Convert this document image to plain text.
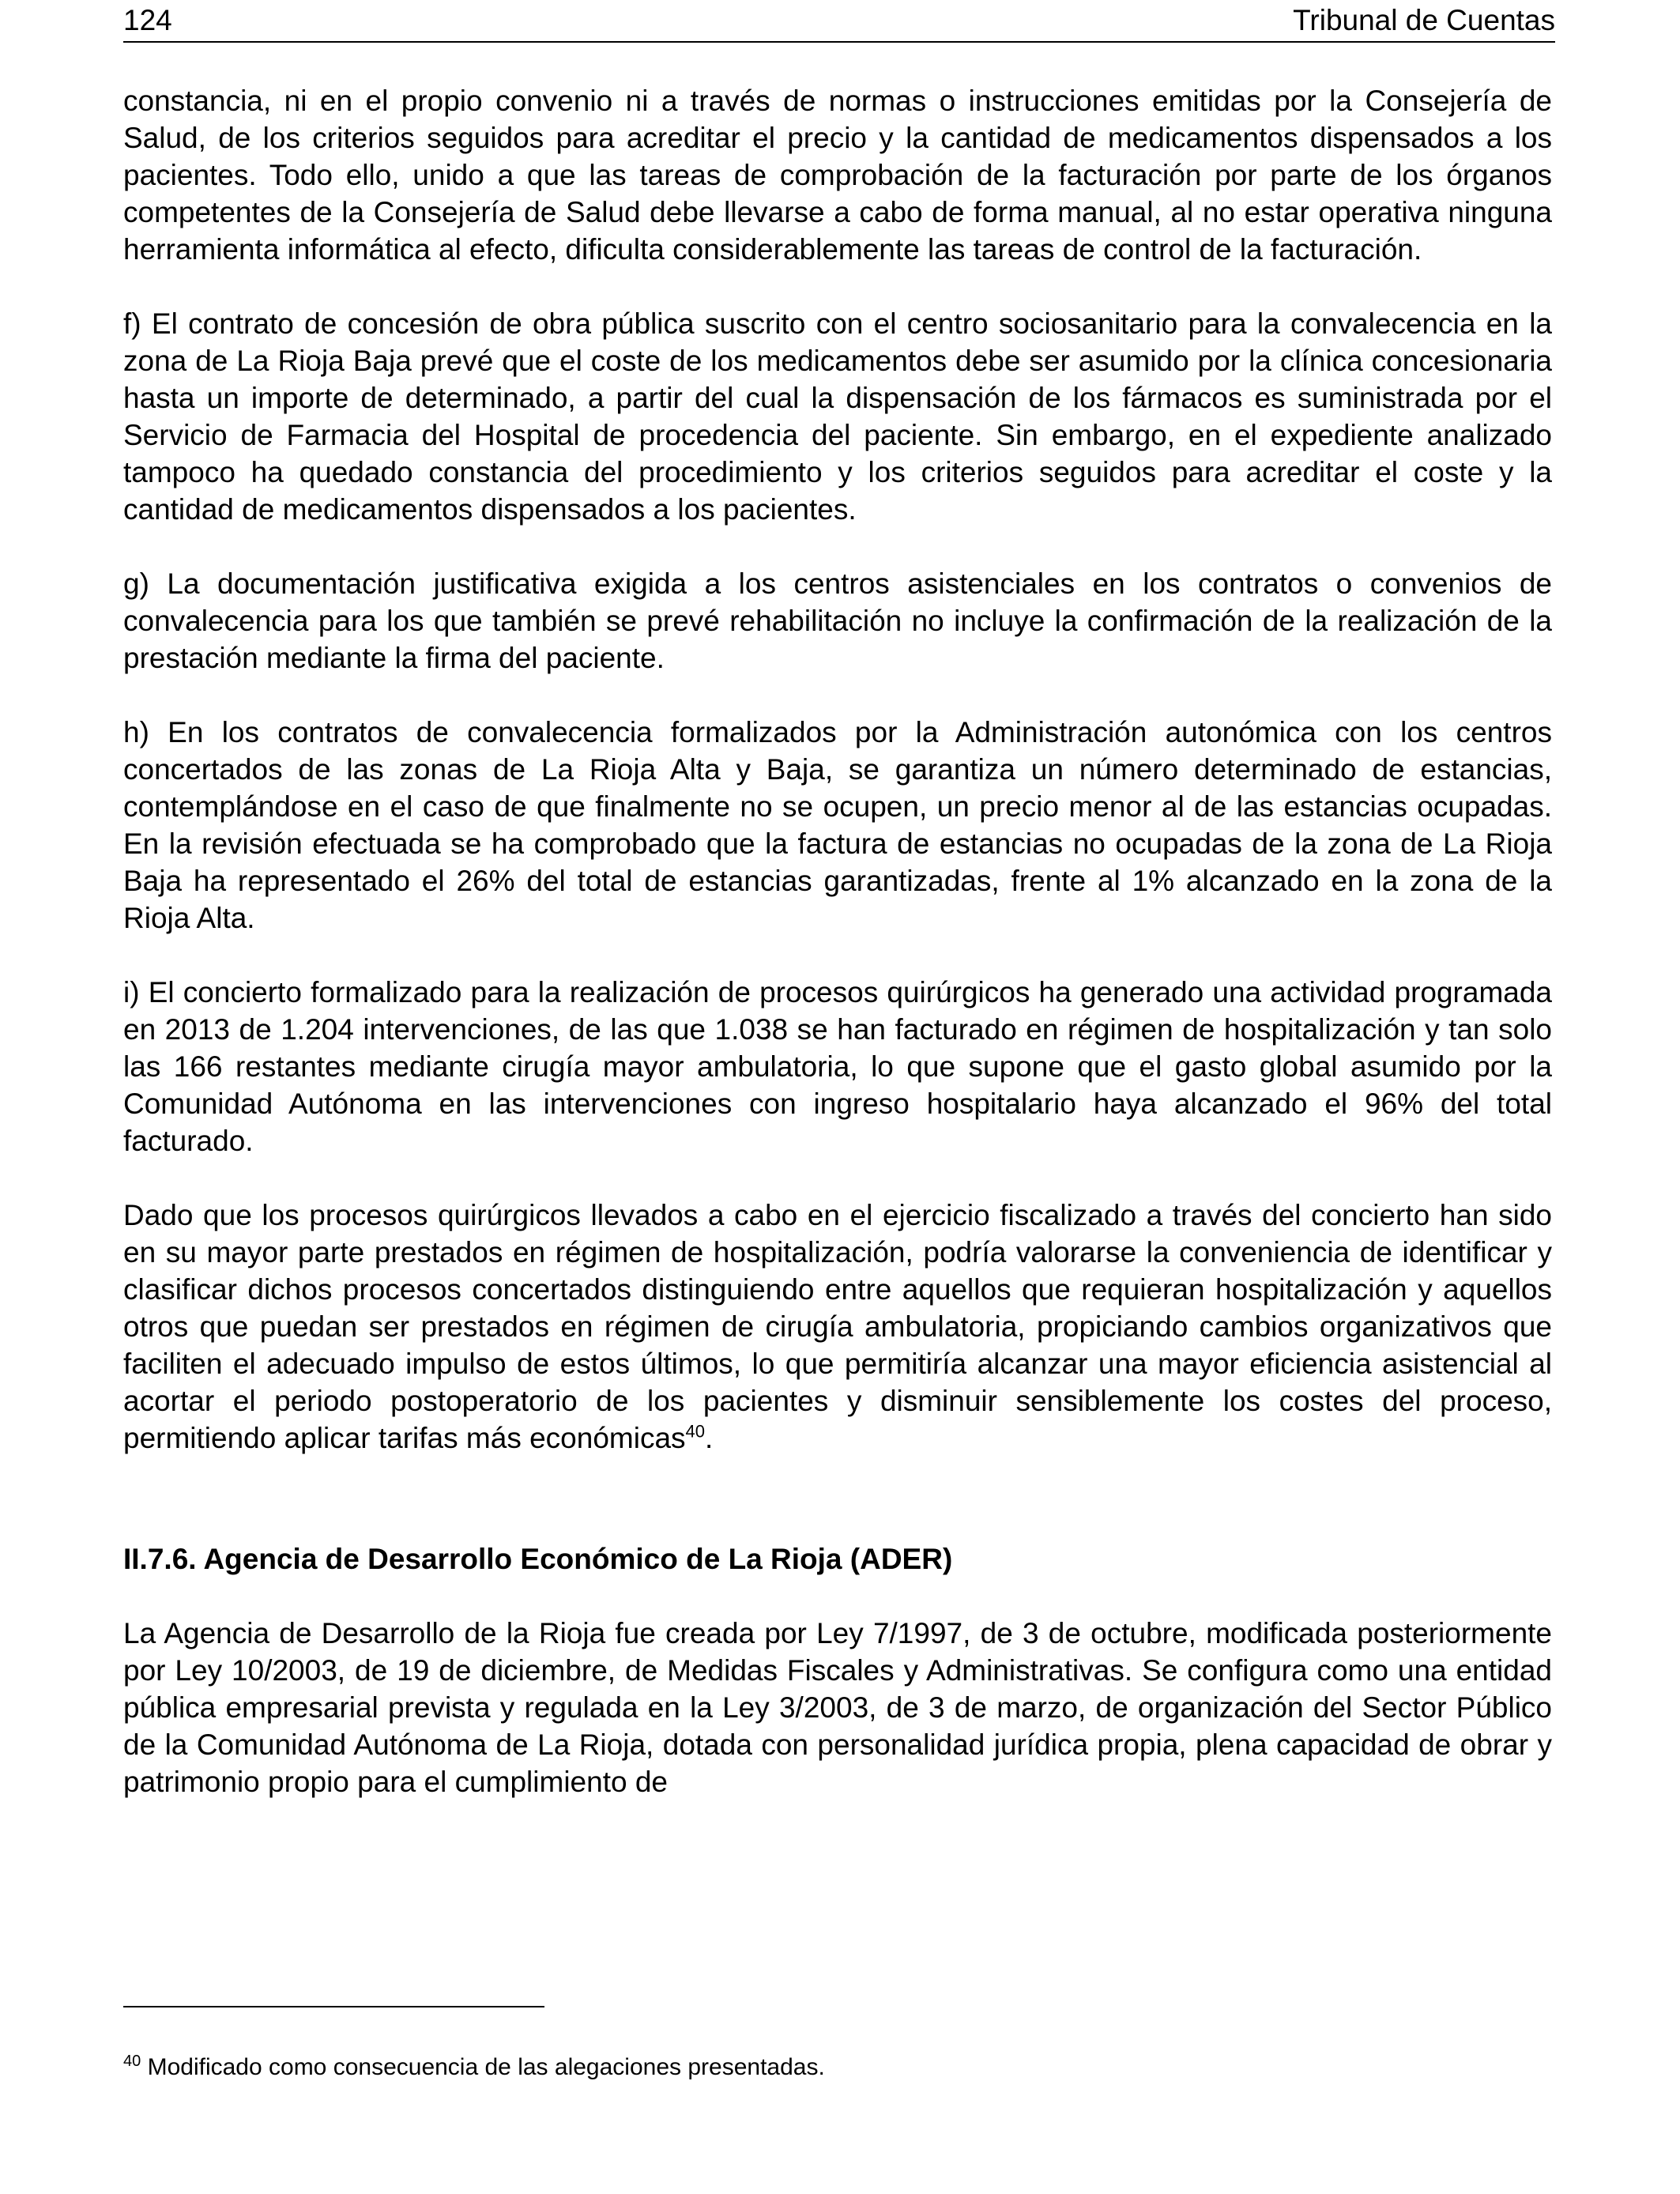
124	Tribunal de Cuentas

constancia, ni en el propio convenio ni a través de normas o instrucciones emitidas por la Consejería de Salud, de los criterios seguidos para acreditar el precio y la cantidad de medicamentos dispensados a los pacientes. Todo ello, unido a que las tareas de comprobación de la facturación por parte de los órganos competentes de la Consejería de Salud debe llevarse a cabo de forma manual, al no estar operativa ninguna herramienta informática al efecto, dificulta considerablemente las tareas de control de la facturación.

f) El contrato de concesión de obra pública suscrito con el centro sociosanitario para la convalecencia en la zona de La Rioja Baja prevé que el coste de los medicamentos debe ser asumido por la clínica concesionaria hasta un importe de determinado, a partir del cual la dispensación de los fármacos es suministrada por el Servicio de Farmacia del Hospital de procedencia del paciente. Sin embargo, en el expediente analizado tampoco ha quedado constancia del procedimiento y los criterios seguidos para acreditar el coste y la cantidad de medicamentos dispensados a los pacientes.

g) La documentación justificativa exigida a los centros asistenciales en los contratos o convenios de convalecencia para los que también se prevé rehabilitación no incluye la confirmación de la realización de la prestación mediante la firma del paciente.

h) En los contratos de convalecencia formalizados por la Administración autonómica con los centros concertados de las zonas de La Rioja Alta y Baja, se garantiza un número determinado de estancias, contemplándose en el caso de que finalmente no se ocupen, un precio menor al de las estancias ocupadas. En la revisión efectuada se ha comprobado que la factura de estancias no ocupadas de la zona de La Rioja Baja ha representado el 26% del total de estancias garantizadas, frente al 1% alcanzado en la zona de la Rioja Alta.

i) El concierto formalizado para la realización de procesos quirúrgicos ha generado una actividad programada en 2013 de 1.204 intervenciones, de las que 1.038 se han facturado en régimen de hospitalización y tan solo las 166 restantes mediante cirugía mayor ambulatoria, lo que supone que el gasto global asumido por la Comunidad Autónoma en las intervenciones con ingreso hospitalario haya alcanzado el 96% del total facturado.

Dado que los procesos quirúrgicos llevados a cabo en el ejercicio fiscalizado a través del concierto han sido en su mayor parte prestados en régimen de hospitalización, podría valorarse la conveniencia de identificar y clasificar dichos procesos concertados distinguiendo entre aquellos que requieran hospitalización y aquellos otros que puedan ser prestados en régimen de cirugía ambulatoria, propiciando cambios organizativos que faciliten el adecuado impulso de estos últimos, lo que permitiría alcanzar una mayor eficiencia asistencial al acortar el periodo postoperatorio de los pacientes y disminuir sensiblemente los costes del proceso, permitiendo aplicar tarifas más económicas$^{40}$.

II.7.6. Agencia de Desarrollo Económico de La Rioja (ADER)

La Agencia de Desarrollo de la Rioja fue creada por Ley 7/1997, de 3 de octubre, modificada posteriormente por Ley 10/2003, de 19 de diciembre, de Medidas Fiscales y Administrativas. Se configura como una entidad pública empresarial prevista y regulada en la Ley 3/2003, de 3 de marzo, de organización del Sector Público de la Comunidad Autónoma de La Rioja, dotada con personalidad jurídica propia, plena capacidad de obrar y patrimonio propio para el cumplimiento de

$^{40}$ Modificado como consecuencia de las alegaciones presentadas.
